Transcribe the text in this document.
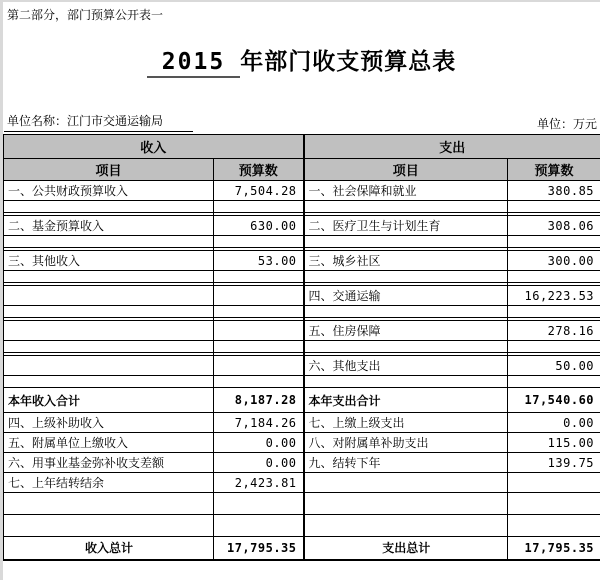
第二部分，部门预算公开表一
2015 年部门收支预算总表
单位名称：江门市交通运输局	单位：万元
收入		支出	
项目	预算数	项目	预算数
一、公共财政预算收入	7,504.28	一、社会保障和就业	380.85

二、基金预算收入	630.00	二、医疗卫生与计划生育	308.06

三、其他收入	53.00	三、城乡社区	300.00

		四、交通运输	16,223.53

		五、住房保障	278.16

		六、其他支出	50.00

本年收入合计	8,187.28	本年支出合计	17,540.60
四、上级补助收入	7,184.26	七、上缴上级支出	0.00
五、附属单位上缴收入	0.00	八、对附属单补助支出	115.00
六、用事业基金弥补收支差额	0.00	九、结转下年	139.75
七、上年结转结余	2,423.81		

收入总计	17,795.35	支出总计	17,795.35
